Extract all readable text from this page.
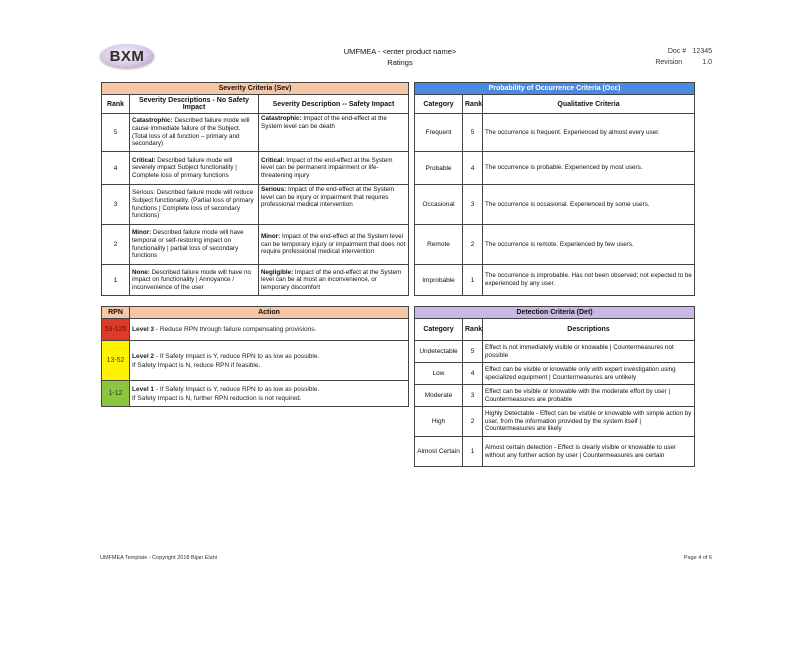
BXM	UMFMEA - <enter product name>
Ratings
Doc # 12345
Revision	1.0
Severity Criteria (Sev)		
Rank	Severity Descriptions - No Safety Impact	Severity Description -- Safety Impact
5	Catastrophic: Described failure mode will cause immediate failure of the Subject. (Total loss of all function – primary and secondary)	Catastrophic: Impact of the end-effect at the System level can be death
4	Critical: Described failure mode will severely impact Subject functionality | Complete loss of primary functions	Critical: Impact of the end-effect at the System level can be permanent impairment or life-threatening injury
3	Serious: Described failure mode will reduce Subject functionality. (Partial loss of primary functions | Complete loss of secondary functions)	Serious: Impact of the end-effect at the System level can be injury or impairment that requires professional medical intervention
2	Minor: Described failure mode will have temporal or self-restoring impact on functionality | partial loss of secondary functions	Minor: Impact of the end-effect at the System level can be temporary injury or impairment that does not require professional medical intervention
1	None: Described failure mode will have no impact on functionality | Annoyance / inconvenience of the user	Negligible: Impact of the end-effect at the System level can be at most an inconvenience, or temporary discomfort
Probability of Occurrence Criteria (Occ)		
Category	Rank	Qualitative Criteria
Frequent	5	The occurrence is frequent. Experienced by almost every user.
Probable	4	The occurrence is probable. Experienced by most users.
Occasional	3	The occurrence is occasional. Experienced by some users.
Remote	2	The occurrence is remote. Experienced by few users.
Improbable	1	The occurrence is improbable. Has not been observed; not expected to be experienced by any user.
RPN	Action
53-125	Level 3 - Reduce RPN through failure compensating provisions.
13-52	Level 2 - If Safety Impact is Y, reduce RPN to as low as possible.
If Safety Impact is N, reduce RPN if feasible.
1-12	Level 1 - If Safety Impact is Y, reduce RPN to as low as possible.
If Safety Impact is N, further RPN reduction is not required.
Detection Criteria (Det)		
Category	Rank	Descriptions
Undetectable	5	Effect is not immediately visible or knowable | Countermeasures not possible
Low	4	Effect can be visible or knowable only with expert investigation using specialized equipment | Countermeasures are unlikely
Moderate	3	Effect can be visible or knowable with the moderate effort by user | Countermeasures are probable
High	2	Highly Detectable - Effect can be visible or knowable with simple action by user, from the information provided by the system itself | Countermeasures are likely
Almost Certain	1	Almost certain detection - Effect is clearly visible or knowable to user without any further action by user | Countermeasures are certain
UMFMEA Template - Copyright 2018 Bijan Elahi	Page 4 of 6
